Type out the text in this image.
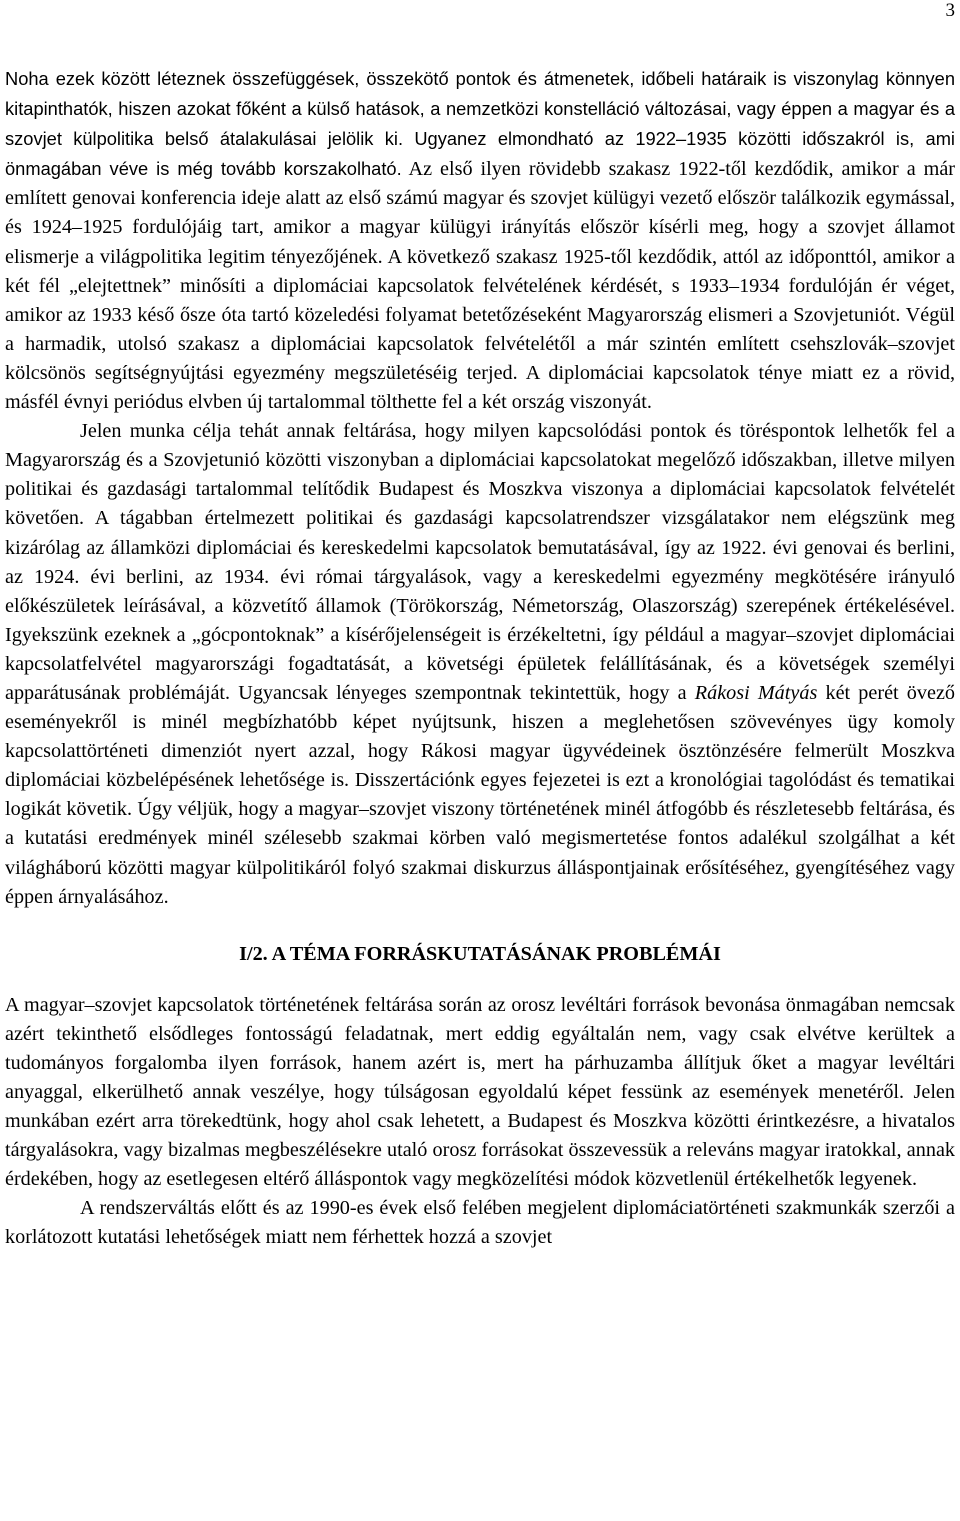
3

Noha ezek között léteznek összefüggések, összekötő pontok és átmenetek, időbeli határaik is viszonylag könnyen kitapinthatók, hiszen azokat főként a külső hatások, a nemzetközi konstelláció változásai, vagy éppen a magyar és a szovjet külpolitika belső átalakulásai jelölik ki. Ugyanez elmondható az 1922–1935 közötti időszakról is, ami önmagában véve is még tovább korszakolható. Az első ilyen rövidebb szakasz 1922-től kezdődik, amikor a már említett genovai konferencia ideje alatt az első számú magyar és szovjet külügyi vezető először találkozik egymással, és 1924–1925 fordulójáig tart, amikor a magyar külügyi irányítás először kísérli meg, hogy a szovjet államot elismerje a világpolitika legitim tényezőjének. A következő szakasz 1925-től kezdődik, attól az időponttól, amikor a két fél „elejtettnek” minősíti a diplomáciai kapcsolatok felvételének kérdését, s 1933–1934 fordulóján ér véget, amikor az 1933 késő ősze óta tartó közeledési folyamat betetőzéseként Magyarország elismeri a Szovjetuniót. Végül a harmadik, utolsó szakasz a diplomáciai kapcsolatok felvételétől a már szintén említett csehszlovák–szovjet kölcsönös segítségnyújtási egyezmény megszületéséig terjed. A diplomáciai kapcsolatok ténye miatt ez a rövid, másfél évnyi periódus elvben új tartalommal tölthette fel a két ország viszonyát.

Jelen munka célja tehát annak feltárása, hogy milyen kapcsolódási pontok és töréspontok lelhetők fel a Magyarország és a Szovjetunió közötti viszonyban a diplomáciai kapcsolatokat megelőző időszakban, illetve milyen politikai és gazdasági tartalommal telítődik Budapest és Moszkva viszonya a diplomáciai kapcsolatok felvételét követően. A tágabban értelmezett politikai és gazdasági kapcsolatrendszer vizsgálatakor nem elégszünk meg kizárólag az államközi diplomáciai és kereskedelmi kapcsolatok bemutatásával, így az 1922. évi genovai és berlini, az 1924. évi berlini, az 1934. évi római tárgyalások, vagy a kereskedelmi egyezmény megkötésére irányuló előkészületek leírásával, a közvetítő államok (Törökország, Németország, Olaszország) szerepének értékelésével. Igyekszünk ezeknek a „gócpontoknak” a kísérőjelenségeit is érzékeltetni, így például a magyar–szovjet diplomáciai kapcsolatfelvétel magyarországi fogadtatását, a követségi épületek felállításának, és a követségek személyi apparátusának problémáját. Ugyancsak lényeges szempontnak tekintettük, hogy a Rákosi Mátyás két perét övező eseményekről is minél megbízhatóbb képet nyújtsunk, hiszen a meglehetősen szövevényes ügy komoly kapcsolattörténeti dimenziót nyert azzal, hogy Rákosi magyar ügyvédeinek ösztönzésére felmerült Moszkva diplomáciai közbelépésének lehetősége is. Disszertációnk egyes fejezetei is ezt a kronológiai tagolódást és tematikai logikát követik. Úgy véljük, hogy a magyar–szovjet viszony történetének minél átfogóbb és részletesebb feltárása, és a kutatási eredmények minél szélesebb szakmai körben való megismertetése fontos adalékul szolgálhat a két világháború közötti magyar külpolitikáról folyó szakmai diskurzus álláspontjainak erősítéséhez, gyengítéséhez vagy éppen árnyalásához.

I/2. A TÉMA FORRÁSKUTATÁSÁNAK PROBLÉMÁI

A magyar–szovjet kapcsolatok történetének feltárása során az orosz levéltári források bevonása önmagában nemcsak azért tekinthető elsődleges fontosságú feladatnak, mert eddig egyáltalán nem, vagy csak elvétve kerültek a tudományos forgalomba ilyen források, hanem azért is, mert ha párhuzamba állítjuk őket a magyar levéltári anyaggal, elkerülhető annak veszélye, hogy túlságosan egyoldalú képet fessünk az események menetéről. Jelen munkában ezért arra törekedtünk, hogy ahol csak lehetett, a Budapest és Moszkva közötti érintkezésre, a hivatalos tárgyalásokra, vagy bizalmas megbeszélésekre utaló orosz forrásokat összevessük a releváns magyar iratokkal, annak érdekében, hogy az esetlegesen eltérő álláspontok vagy megközelítési módok közvetlenül értékelhetők legyenek.

A rendszerváltás előtt és az 1990-es évek első felében megjelent diplomáciatörténeti szakmunkák szerzői a korlátozott kutatási lehetőségek miatt nem férhettek hozzá a szovjet
